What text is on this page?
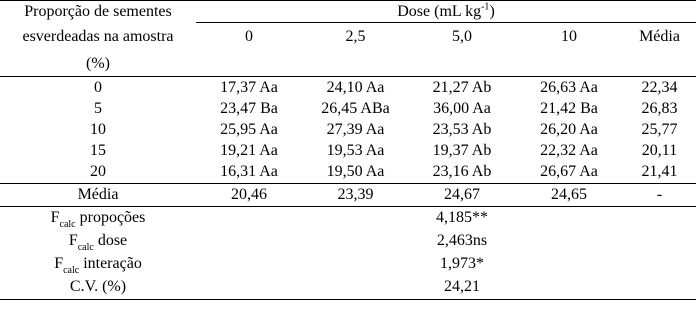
Proporção de sementes	Dose (mL $kg^{-1}$)				
esverdeadas na amostra	0	2,5	5,0	10	Média
(%)					
0	17,37 Aa	24,10 Aa	21,27 Ab	26,63 Aa	22,34
5	23,47 Ba	26,45 ABa	36,00 Aa	21,42 Ba	26,83
10	25,95 Aa	27,39 Aa	23,53 Ab	26,20 Aa	25,77
15	19,21 Aa	19,53 Aa	19,37 Ab	22,32 Aa	20,11
20	16,31 Aa	19,50 Aa	23,16 Ab	26,67 Aa	21,41
Média	20,46	23,39	24,67	24,65	-
$F_{calc}$ propoções			4,185**		
$F_{calc}$ dose			2,463ns		
$F_{calc}$ interação			1,973*		
C.V. (%)			24,21		
